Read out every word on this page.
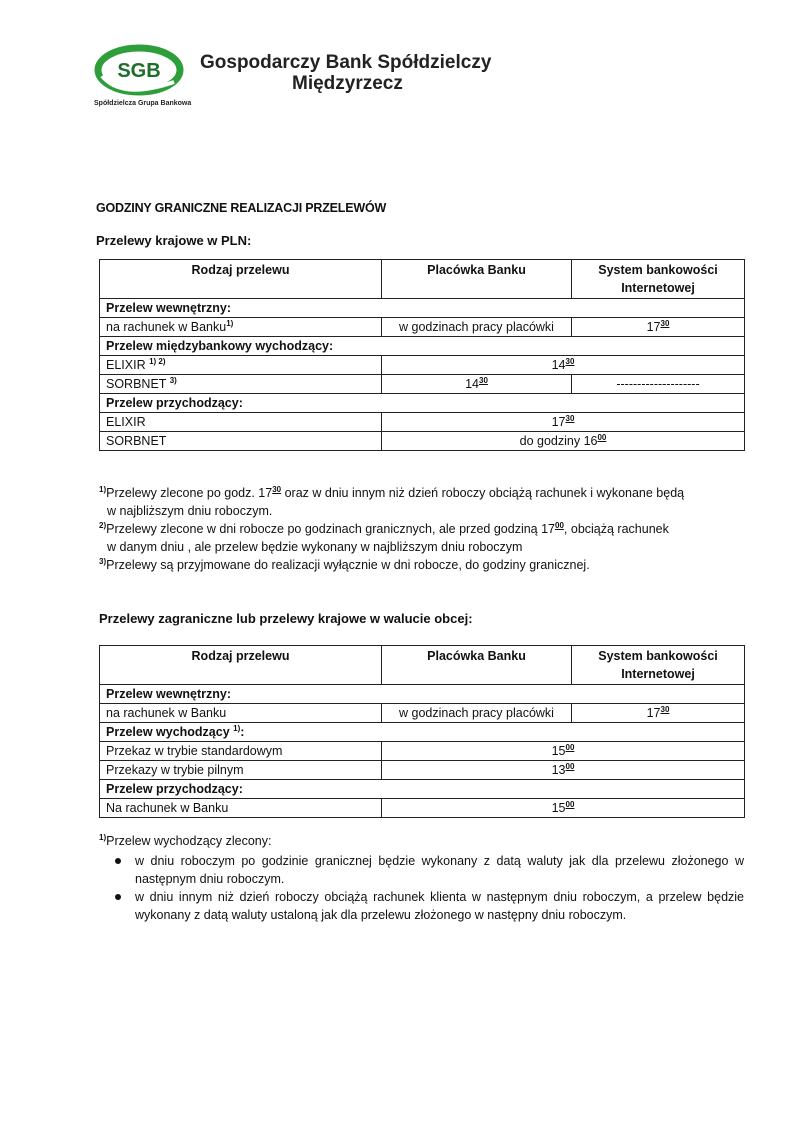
SGB
Spółdzielcza Grupa Bankowa
Gospodarczy Bank Spółdzielczy
Międzyrzecz
GODZINY GRANICZNE REALIZACJI PRZELEWÓW
Przelewy krajowe w PLN:
Rodzaj przelewu	Placówka Banku	System bankowości Internetowej
Przelew wewnętrzny:		
na rachunek w Banku$^{1)}$	w godzinach pracy placówki	$17^{30}$
Przelew międzybankowy wychodzący:		
ELIXIR $^{1) 2)}$	$14^{30}$
SORBNET $^{3)}$	$14^{30}$	--------------------
Przelew przychodzący:		
ELIXIR	$17^{30}$
SORBNET	do godziny $16^{00}$

$^{1)}$Przelewy zlecone po godz. $17^{30}$ oraz w dniu innym niż dzień roboczy obciążą rachunek i wykonane będą

w najbliższym dniu roboczym.

$^{2)}$Przelewy zlecone w dni robocze po godzinach granicznych, ale przed godziną $17^{00}$, obciążą rachunek

w danym dniu , ale przelew będzie wykonany w najbliższym dniu roboczym

$^{3)}$Przelewy są przyjmowane do realizacji wyłącznie w dni robocze, do godziny granicznej.

Przelewy zagraniczne lub przelewy krajowe w walucie obcej:
Rodzaj przelewu	Placówka Banku	System bankowości Internetowej
Przelew wewnętrzny:		
na rachunek w Banku	w godzinach pracy placówki	$17^{30}$
Przelew wychodzący $^{1)}$:		
Przekaz w trybie standardowym	$15^{00}$
Przekazy w trybie pilnym	$13^{00}$
Przelew przychodzący:		
Na rachunek w Banku	$15^{00}$

$^{1)}$Przelew wychodzący zlecony:

w dniu roboczym po godzinie granicznej będzie wykonany z datą waluty jak dla przelewu złożonego w następnym dniu roboczym.
w dniu innym niż dzień roboczy obciążą rachunek klienta w następnym dniu roboczym, a przelew będzie wykonany z datą waluty ustaloną jak dla przelewu złożonego w następny dniu roboczym.
